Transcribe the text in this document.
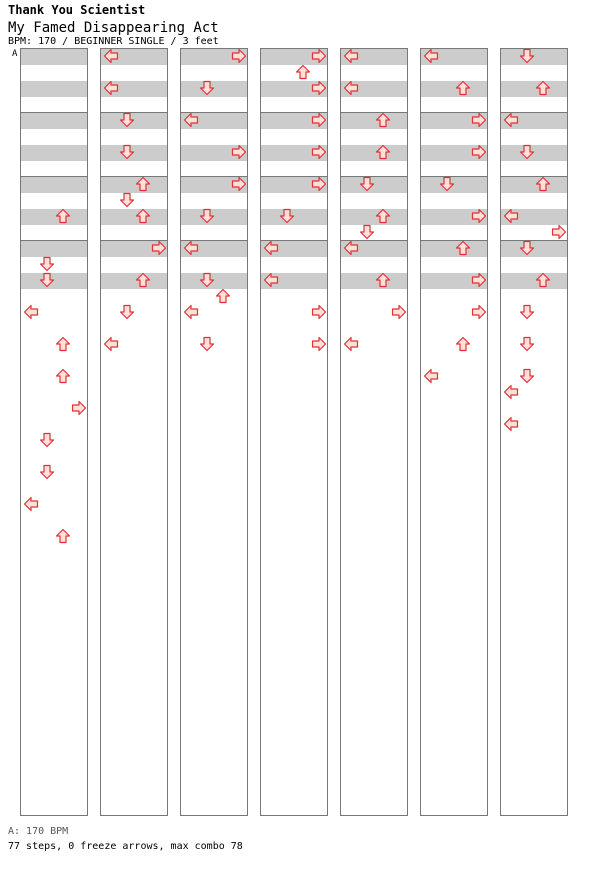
Thank You Scientist
My Famed Disappearing Act
BPM: 170 / BEGINNER SINGLE / 3 feet
A
A: 170 BPM
77 steps, 0 freeze arrows, max combo 78
